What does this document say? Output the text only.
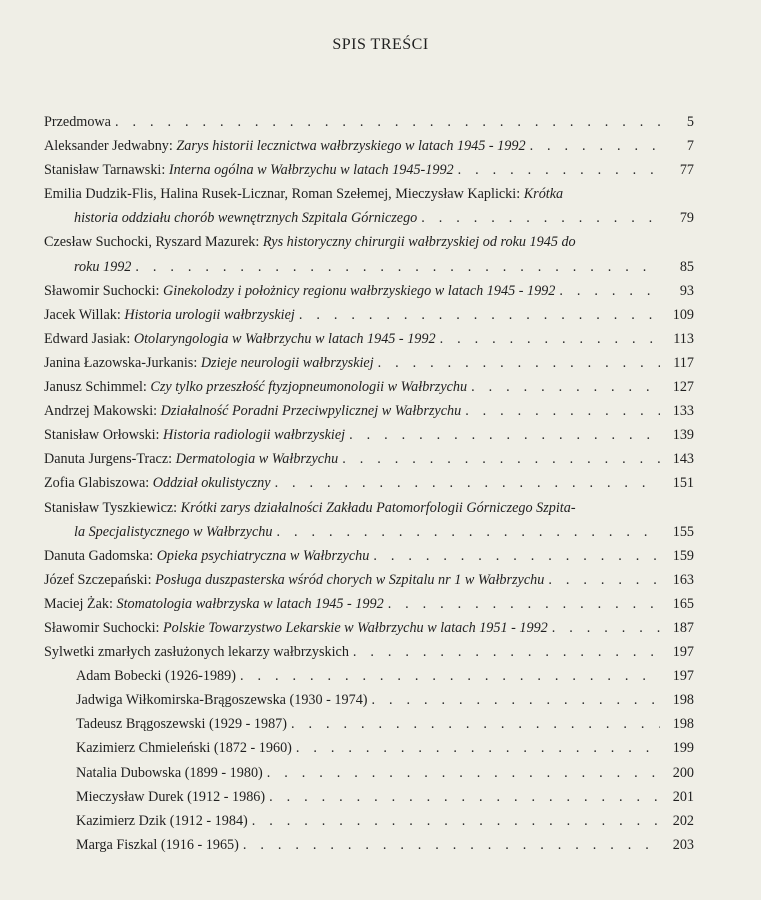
SPIS TREŚCI
Przedmowa . . .	5
Aleksander Jedwabny: Zarys historii lecznictwa wałbrzyskiego w latach 1945 - 1992 . . .	7
Stanisław Tarnawski: Interna ogólna w Wałbrzychu w latach 1945-1992 . . .	77
Emilia Dudzik-Flis, Halina Rusek-Licznar, Roman Szełemej, Mieczysław Kaplicki: Krótka
historia oddziału chorób wewnętrznych Szpitala Górniczego . . .	79
Czesław Suchocki, Ryszard Mazurek: Rys historyczny chirurgii wałbrzyskiej od roku 1945 do
roku 1992 . . .	85
Sławomir Suchocki: Ginekolodzy i położnicy regionu wałbrzyskiego w latach 1945 - 1992 . . .	93
Jacek Willak: Historia urologii wałbrzyskiej . . .	109
Edward Jasiak: Otolaryngologia w Wałbrzychu w latach 1945 - 1992 . . .	113
Janina Łazowska-Jurkanis: Dzieje neurologii wałbrzyskiej . . .	117
Janusz Schimmel: Czy tylko przeszłość ftyzjopneumonologii w Wałbrzychu . . .	127
Andrzej Makowski: Działalność Poradni Przeciwpylicznej w Wałbrzychu . . .	133
Stanisław Orłowski: Historia radiologii wałbrzyskiej . . .	139
Danuta Jurgens-Tracz: Dermatologia w Wałbrzychu . . .	143
Zofia Glabiszowa: Oddział okulistyczny . . .	151
Stanisław Tyszkiewicz: Krótki zarys działalności Zakładu Patomorfologii Górniczego Szpita-
la Specjalistycznego w Wałbrzychu . . .	155
Danuta Gadomska: Opieka psychiatryczna w Wałbrzychu . . .	159
Józef Szczepański: Posługa duszpasterska wśród chorych w Szpitalu nr 1 w Wałbrzychu . . .	163
Maciej Żak: Stomatologia wałbrzyska w latach 1945 - 1992 . . .	165
Sławomir Suchocki: Polskie Towarzystwo Lekarskie w Wałbrzychu w latach 1951 - 1992 . . .	187
Sylwetki zmarłych zasłużonych lekarzy wałbrzyskich . . .	197
Adam Bobecki (1926-1989) . . .	197
Jadwiga Wiłkomirska-Brągoszewska (1930 - 1974) . . .	198
Tadeusz Brągoszewski (1929 - 1987) . . .	198
Kazimierz Chmieleński (1872 - 1960) . . .	199
Natalia Dubowska (1899 - 1980) . . .	200
Mieczysław Durek (1912 - 1986) . . .	201
Kazimierz Dzik (1912 - 1984) . . .	202
Marga Fiszkal (1916 - 1965) . . .	203
